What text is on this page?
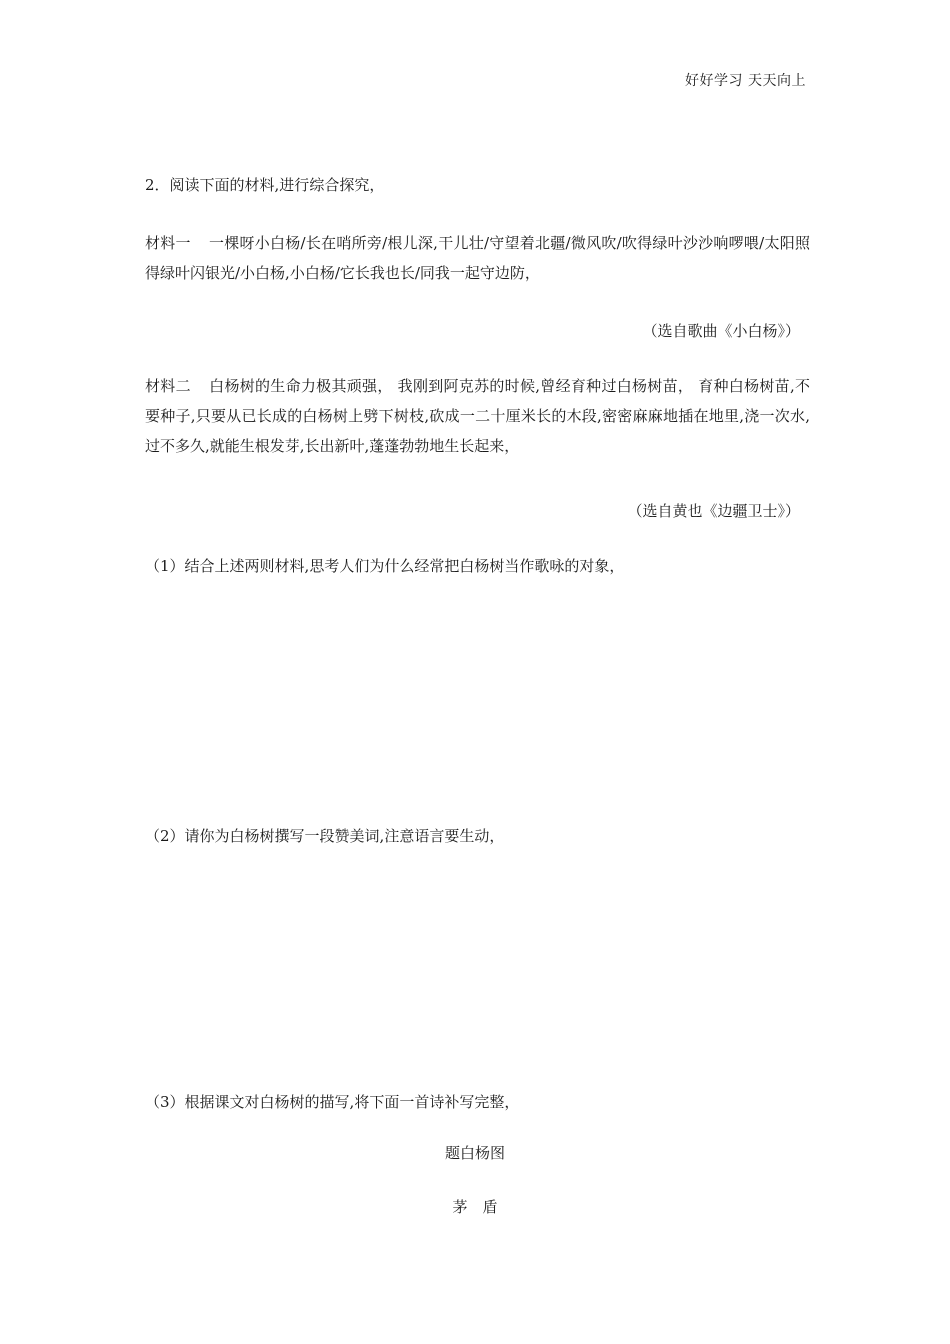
好好学习 天天向上
2．阅读下面的材料,进行综合探究，
材料一 一棵呀小白杨/长在哨所旁/根儿深,干儿壮/守望着北疆/微风吹/吹得绿叶沙沙响啰喂/太阳照得绿叶闪银光/小白杨,小白杨/它长我也长/同我一起守边防，
（选自歌曲《小白杨》）
材料二 白杨树的生命力极其顽强， 我刚到阿克苏的时候,曾经育种过白杨树苗， 育种白杨树苗,不要种子,只要从已长成的白杨树上劈下树枝,砍成一二十厘米长的木段,密密麻麻地插在地里,浇一次水,过不多久,就能生根发芽,长出新叶,蓬蓬勃勃地生长起来，
（选自黄也《边疆卫士》）
（1）结合上述两则材料,思考人们为什么经常把白杨树当作歌咏的对象，
（2）请你为白杨树撰写一段赞美词,注意语言要生动，
（3）根据课文对白杨树的描写,将下面一首诗补写完整，
题白杨图
茅　盾
